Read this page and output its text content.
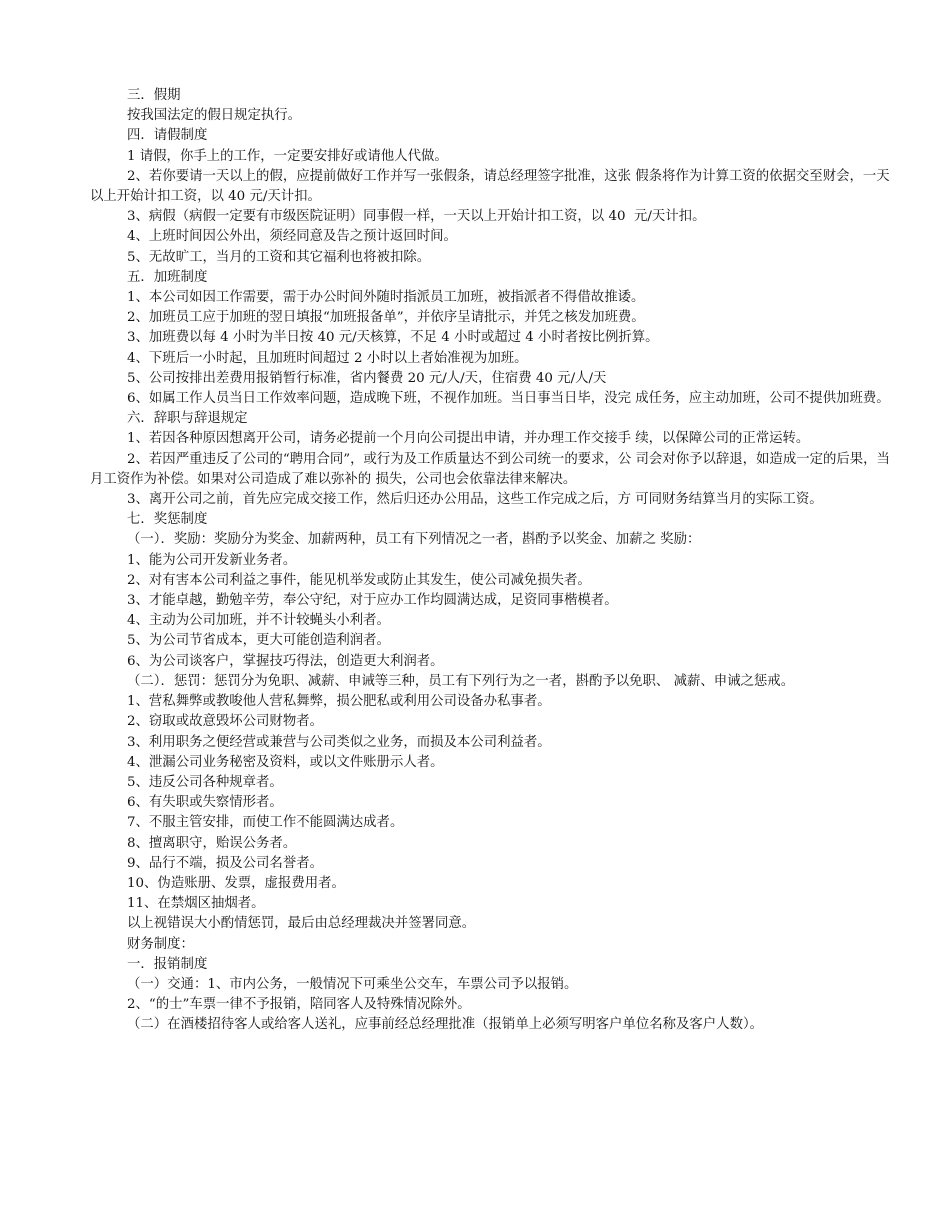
三．假期

按我国法定的假日规定执行。

四．请假制度

1 请假，你手上的工作，一定要安排好或请他人代做。

2、若你要请一天以上的假，应提前做好工作并写一张假条，请总经理签字批准，这张 假条将作为计算工资的依据交至财会，一天以上开始计扣工资，以 40 元/天计扣。

3、病假（病假一定要有市级医院证明）同事假一样，一天以上开始计扣工资，以 40  元/天计扣。

4、上班时间因公外出，须经同意及告之预计返回时间。

5、无故旷工，当月的工资和其它福利也将被扣除。

五．加班制度

1、本公司如因工作需要，需于办公时间外随时指派员工加班，被指派者不得借故推诿。

2、加班员工应于加班的翌日填报“加班报备单”，并依序呈请批示，并凭之核发加班费。

3、加班费以每 4 小时为半日按 40 元/天核算，不足 4 小时或超过 4 小时者按比例折算。

4、下班后一小时起，且加班时间超过 2 小时以上者始准视为加班。

5、公司按排出差费用报销暂行标准，省内餐费 20 元/人/天，住宿费 40 元/人/天

6、如属工作人员当日工作效率问题，造成晚下班，不视作加班。当日事当日毕，没完 成任务，应主动加班，公司不提供加班费。

六．辞职与辞退规定

1、若因各种原因想离开公司，请务必提前一个月向公司提出申请，并办理工作交接手 续，以保障公司的正常运转。

2、若因严重违反了公司的“聘用合同”，或行为及工作质量达不到公司统一的要求，公 司会对你予以辞退，如造成一定的后果，当月工资作为补偿。如果对公司造成了难以弥补的 损失，公司也会依靠法律来解决。

3、离开公司之前，首先应完成交接工作，然后归还办公用品，这些工作完成之后，方 可同财务结算当月的实际工资。

七．奖惩制度

（一）．奖励：奖励分为奖金、加薪两种，员工有下列情况之一者，斟酌予以奖金、加薪之 奖励：

1、能为公司开发新业务者。

2、对有害本公司利益之事件，能见机举发或防止其发生，使公司减免损失者。

3、才能卓越，勤勉辛劳，奉公守纪，对于应办工作均圆满达成，足资同事楷模者。

4、主动为公司加班，并不计较蝇头小利者。

5、为公司节省成本，更大可能创造利润者。

6、为公司谈客户，掌握技巧得法，创造更大利润者。

（二）．惩罚：惩罚分为免职、减薪、申诫等三种，员工有下列行为之一者，斟酌予以免职、 减薪、申诫之惩戒。

1、营私舞弊或教唆他人营私舞弊，损公肥私或利用公司设备办私事者。

2、窃取或故意毁坏公司财物者。

3、利用职务之便经营或兼营与公司类似之业务，而损及本公司利益者。

4、泄漏公司业务秘密及资料，或以文件账册示人者。

5、违反公司各种规章者。

6、有失职或失察情形者。

7、不服主管安排，而使工作不能圆满达成者。

8、擅离职守，贻误公务者。

9、品行不端，损及公司名誉者。

10、伪造账册、发票，虚报费用者。

11、在禁烟区抽烟者。

以上视错误大小酌情惩罚，最后由总经理裁决并签署同意。

财务制度：

一．报销制度

（一）交通：1、市内公务，一般情况下可乘坐公交车，车票公司予以报销。

2、“的士”车票一律不予报销，陪同客人及特殊情况除外。

（二）在酒楼招待客人或给客人送礼，应事前经总经理批准（报销单上必须写明客户单位名称及客户人数）。
